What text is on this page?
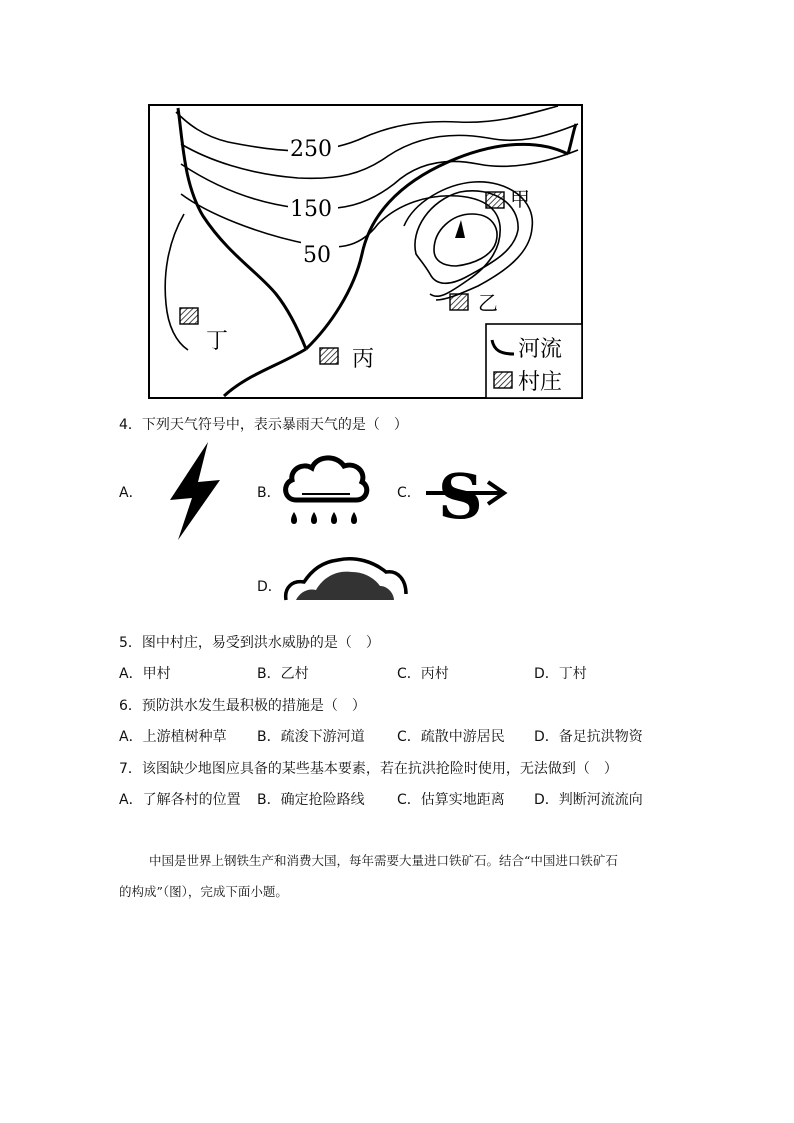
250
150
50
甲
乙
丙
丁	河流
村庄
4．下列天气符号中，表示暴雨天气的是（　）
A．	B．	C． S
D．
5．图中村庄，易受到洪水威胁的是（　）
A．甲村	B．乙村	C．丙村	D．丁村
6．预防洪水发生最积极的措施是（　）
A．上游植树种草 B．疏浚下游河道 C．疏散中游居民 D．备足抗洪物资
7．该图缺少地图应具备的某些基本要素，若在抗洪抢险时使用，无法做到（　）
A．了解各村的位置 B．确定抢险路线 C．估算实地距离 D．判断河流流向
中国是世界上钢铁生产和消费大国，每年需要大量进口铁矿石。结合“中国进口铁矿石
的构成”（图），完成下面小题。
